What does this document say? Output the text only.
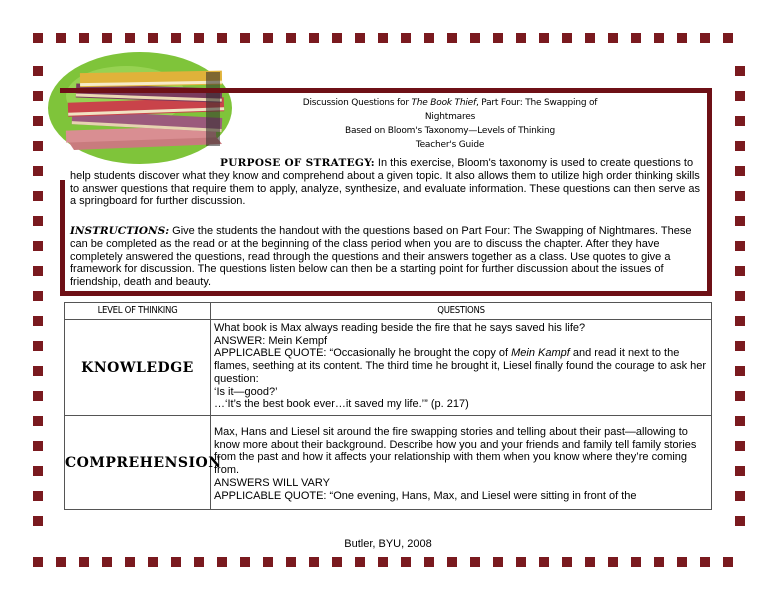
Discussion Questions for The Book Thief, Part Four: The Swapping of Nightmares
Based on Bloom's Taxonomy—Levels of Thinking
Teacher's Guide
PURPOSE OF STRATEGY: In this exercise, Bloom's taxonomy is used to create questions to help students discover what they know and comprehend about a given topic. It also allows them to utilize high order thinking skills to answer questions that require them to apply, analyze, synthesize, and evaluate information. These questions can then serve as a springboard for further discussion.
INSTRUCTIONS: Give the students the handout with the questions based on Part Four: The Swapping of Nightmares. These can be completed as the read or at the beginning of the class period when you are to discuss the chapter. After they have completely answered the questions, read through the questions and their answers together as a class. Use quotes to give a framework for discussion. The questions listen below can then be a starting point for further discussion about the issues of friendship, death and beauty.
LEVEL OF THINKING	QUESTIONS
KNOWLEDGE	What book is Max always reading beside the fire that he says saved his life?
ANSWER: Mein Kempf
APPLICABLE QUOTE: “Occasionally he brought the copy of Mein Kampf and read it next to the flames, seething at its content. The third time he brought it, Liesel finally found the courage to ask her question:
‘Is it—good?’
…‘It’s the best book ever…it saved my life.’” (p. 217)

COMPREHENSION	Max, Hans and Liesel sit around the fire swapping stories and telling about their past—allowing to know more about their background. Describe how you and your friends and family tell family stories from the past and how it affects your relationship with them when you know where they’re coming from.
ANSWERS WILL VARY
APPLICABLE QUOTE: “One evening, Hans, Max, and Liesel were sitting in front of the
Butler, BYU, 2008
